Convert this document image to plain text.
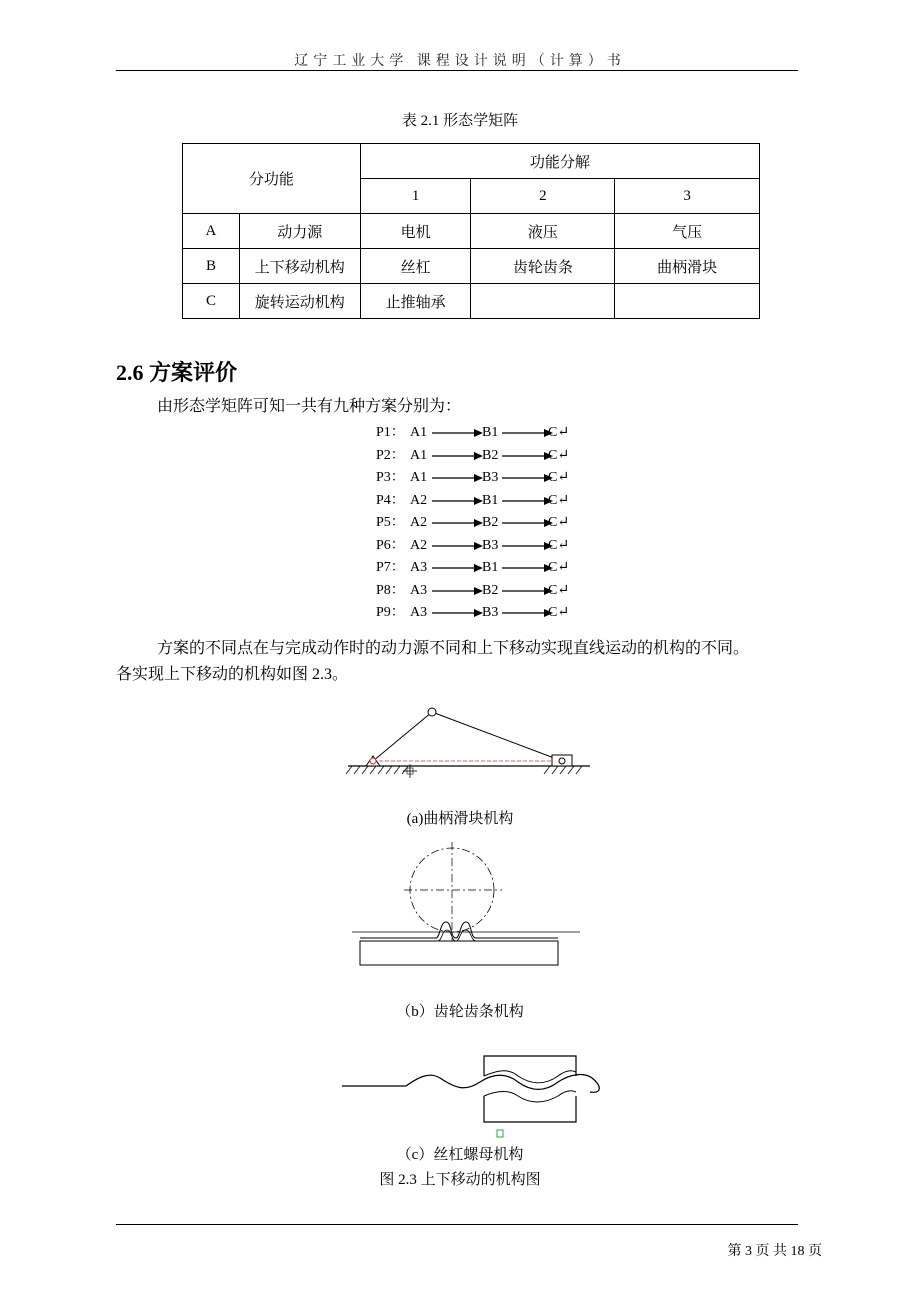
辽宁工业大学 课程设计说明（计算）书
表 2.1 形态学矩阵
分功能		功能分解		
		1	2	3
A	动力源	电机	液压	气压
B	上下移动机构	丝杠	齿轮齿条	曲柄滑块
C	旋转运动机构	止推轴承		
2.6 方案评价
由形态学矩阵可知一共有九种方案分别为：
P1： A1	B1	C↵
P2： A1	B2	C↵
P3： A1	B3	C↵
P4： A2	B1	C↵
P5： A2	B2	C↵
P6： A2	B3	C↵
P7： A3	B1	C↵
P8： A3	B2	C↵
P9： A3	B3	C↵
方案的不同点在与完成动作时的动力源不同和上下移动实现直线运动的机构的不同。
各实现上下移动的机构如图 2.3。
(a)曲柄滑块机构
（b）齿轮齿条机构
（c）丝杠螺母机构
图 2.3 上下移动的机构图
第 3 页 共 18 页
